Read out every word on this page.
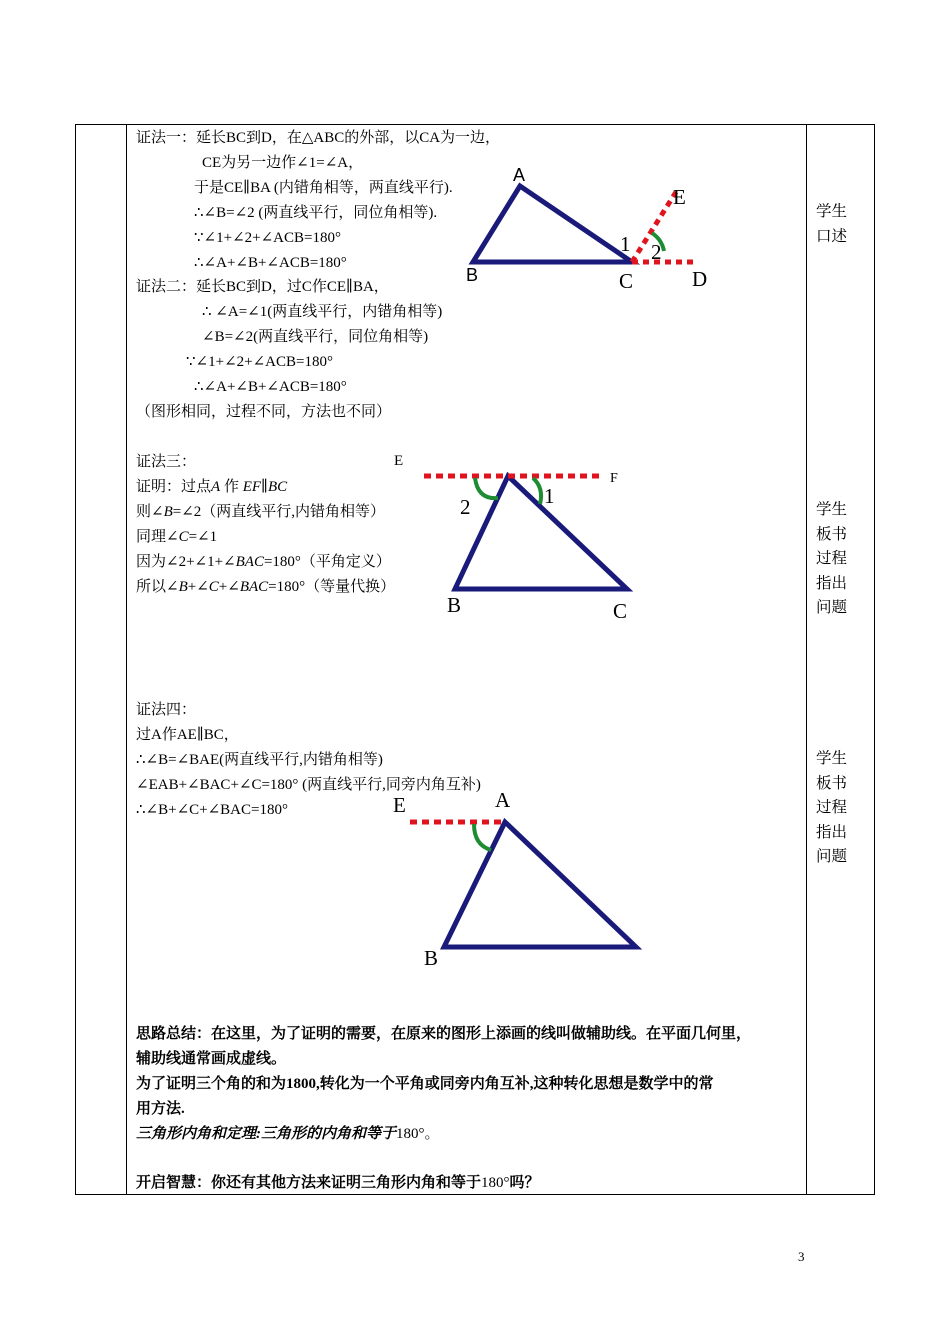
证法一：延长BC到D，在△ABC的外部，以CA为一边，
CE为另一边作∠1=∠A，
于是CE∥BA (内错角相等，两直线平行).
∴∠B=∠2 (两直线平行，同位角相等).
∵∠1+∠2+∠ACB=180°
∴∠A+∠B+∠ACB=180°
证法二：延长BC到D，过C作CE∥BA，
∴ ∠A=∠1(两直线平行，内错角相等)
∠B=∠2(两直线平行，同位角相等)
∵∠1+∠2+∠ACB=180°
∴∠A+∠B+∠ACB=180°
（图形相同，过程不同，方法也不同）
证法三：
证明：过点A 作 EF∥BC
则∠B=∠2（两直线平行,内错角相等）
同理∠C=∠1
因为∠2+∠1+∠BAC=180°（平角定义）
所以∠B+∠C+∠BAC=180°（等量代换）
证法四：
过A作AE∥BC，
∴∠B=∠BAE(两直线平行,内错角相等)
∠EAB+∠BAC+∠C=180° (两直线平行,同旁内角互补)
∴∠B+∠C+∠BAC=180°
思路总结：在这里，为了证明的需要，在原来的图形上添画的线叫做辅助线。在平面几何里，
辅助线通常画成虚线。
为了证明三个角的和为1800,转化为一个平角或同旁内角互补,这种转化思想是数学中的常
用方法.
三角形内角和定理:三角形的内角和等于180°。
开启智慧：你还有其他方法来证明三角形内角和等于180°吗？
学生口述
学生板书过程指出问题
学生板书过程指出问题
A
B	C	D
E
1 2
E
F
2	1
B	C
E	A
B
3
